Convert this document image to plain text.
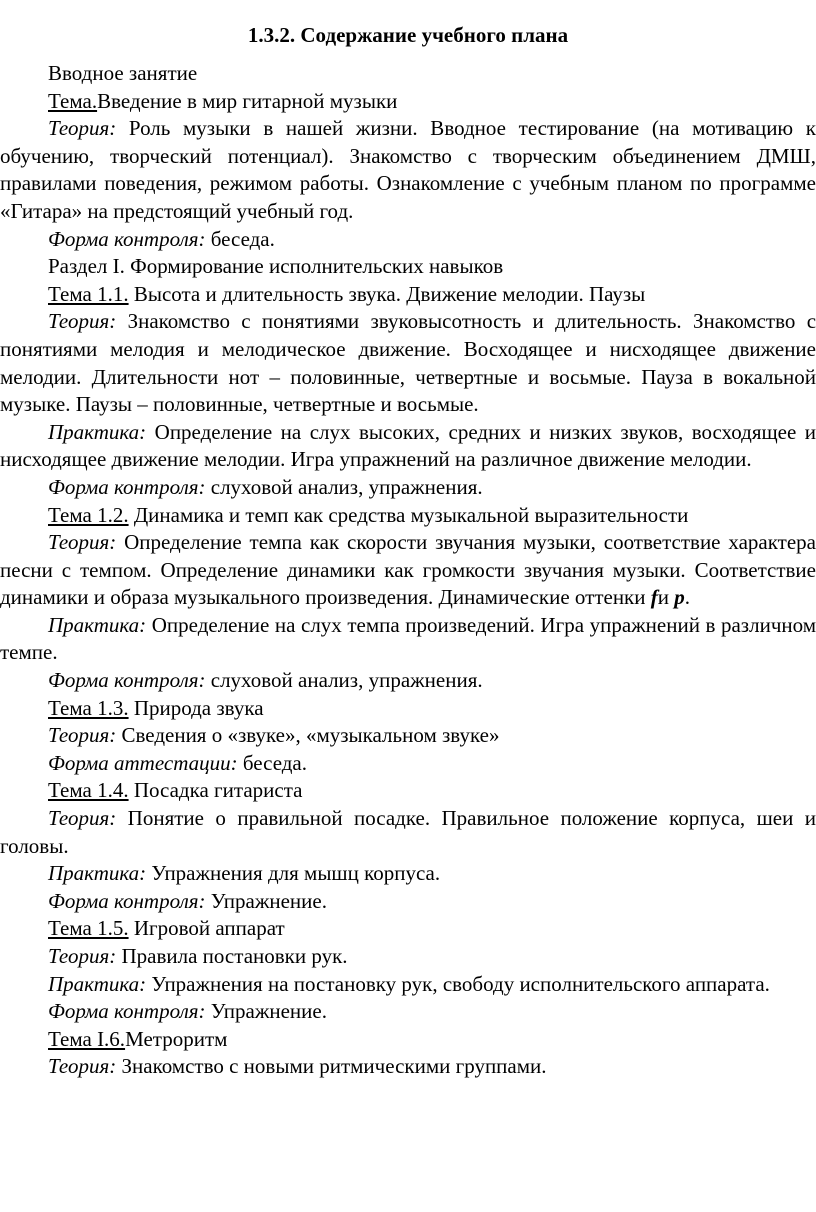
1.3.2. Содержание учебного плана

Вводное занятие

Тема.Введение в мир гитарной музыки

Теория: Роль музыки в нашей жизни. Вводное тестирование (на мотивацию к обучению, творческий потенциал). Знакомство с творческим объединением ДМШ, правилами поведения, режимом работы. Ознакомление с учебным планом по программе «Гитара» на предстоящий учебный год.

Форма контроля: беседа.

Раздел I. Формирование исполнительских навыков

Тема 1.1. Высота и длительность звука. Движение мелодии. Паузы

Теория: Знакомство с понятиями звуковысотность и длительность. Знакомство с понятиями мелодия и мелодическое движение. Восходящее и нисходящее движение мелодии. Длительности нот – половинные, четвертные и восьмые. Пауза в вокальной музыке. Паузы – половинные, четвертные и восьмые.

Практика: Определение на слух высоких, средних и низких звуков, восходящее и нисходящее движение мелодии. Игра упражнений на различное движение мелодии.

Форма контроля: слуховой анализ, упражнения.

Тема 1.2. Динамика и темп как средства музыкальной выразительности

Теория: Определение темпа как скорости звучания музыки, соответствие характера песни с темпом. Определение динамики как громкости звучания музыки. Соответствие динамики и образа музыкального произведения. Динамические оттенки fи p.

Практика: Определение на слух темпа произведений. Игра упражнений в различном темпе.

Форма контроля: слуховой анализ, упражнения.

Тема 1.3. Природа звука

Теория: Сведения о «звуке», «музыкальном звуке»

Форма аттестации: беседа.

Тема 1.4. Посадка гитариста

Теория: Понятие о правильной посадке. Правильное положение корпуса, шеи и головы.

Практика: Упражнения для мышц корпуса.

Форма контроля: Упражнение.

Тема 1.5. Игровой аппарат

Теория: Правила постановки рук.

Практика: Упражнения на постановку рук, свободу исполнительского аппарата.

Форма контроля: Упражнение.

Тема I.6.Метроритм

Теория: Знакомство с новыми ритмическими группами.
